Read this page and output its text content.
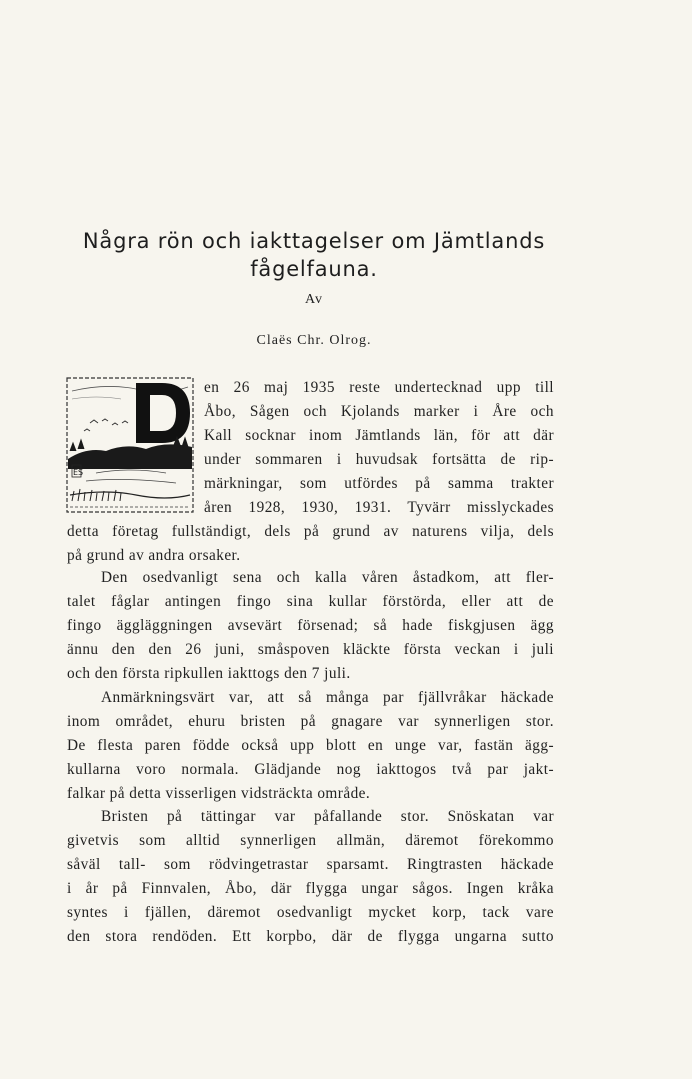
Några rön och iakttagelser om Jämtlands
fågelfauna.
Av
Claës Chr. Olrog.
ES
en 26 maj 1935 reste undertecknad upp till
Åbo, Sågen och Kjolands marker i Åre och
Kall socknar inom Jämtlands län, för att där
under sommaren i huvudsak fortsätta de rip-
märkningar, som utfördes på samma trakter
åren 1928, 1930, 1931. Tyvärr misslyckades
detta företag fullständigt, dels på grund av naturens vilja, dels
på grund av andra orsaker.
Den osedvanligt sena och kalla våren åstadkom, att fler-
talet fåglar antingen fingo sina kullar förstörda, eller att de
fingo äggläggningen avsevärt försenad; så hade fiskgjusen ägg
ännu den den 26 juni, småspoven kläckte första veckan i juli
och den första ripkullen iakttogs den 7 juli.
Anmärkningsvärt var, att så många par fjällvråkar häckade
inom området, ehuru bristen på gnagare var synnerligen stor.
De flesta paren födde också upp blott en unge var, fastän ägg-
kullarna voro normala. Glädjande nog iakttogos två par jakt-
falkar på detta visserligen vidsträckta område.
Bristen på tättingar var påfallande stor. Snöskatan var
givetvis som alltid synnerligen allmän, däremot förekommo
såväl tall- som rödvingetrastar sparsamt. Ringtrasten häckade
i år på Finnvalen, Åbo, där flygga ungar sågos. Ingen kråka
syntes i fjällen, däremot osedvanligt mycket korp, tack vare
den stora rendöden. Ett korpbo, där de flygga ungarna sutto
